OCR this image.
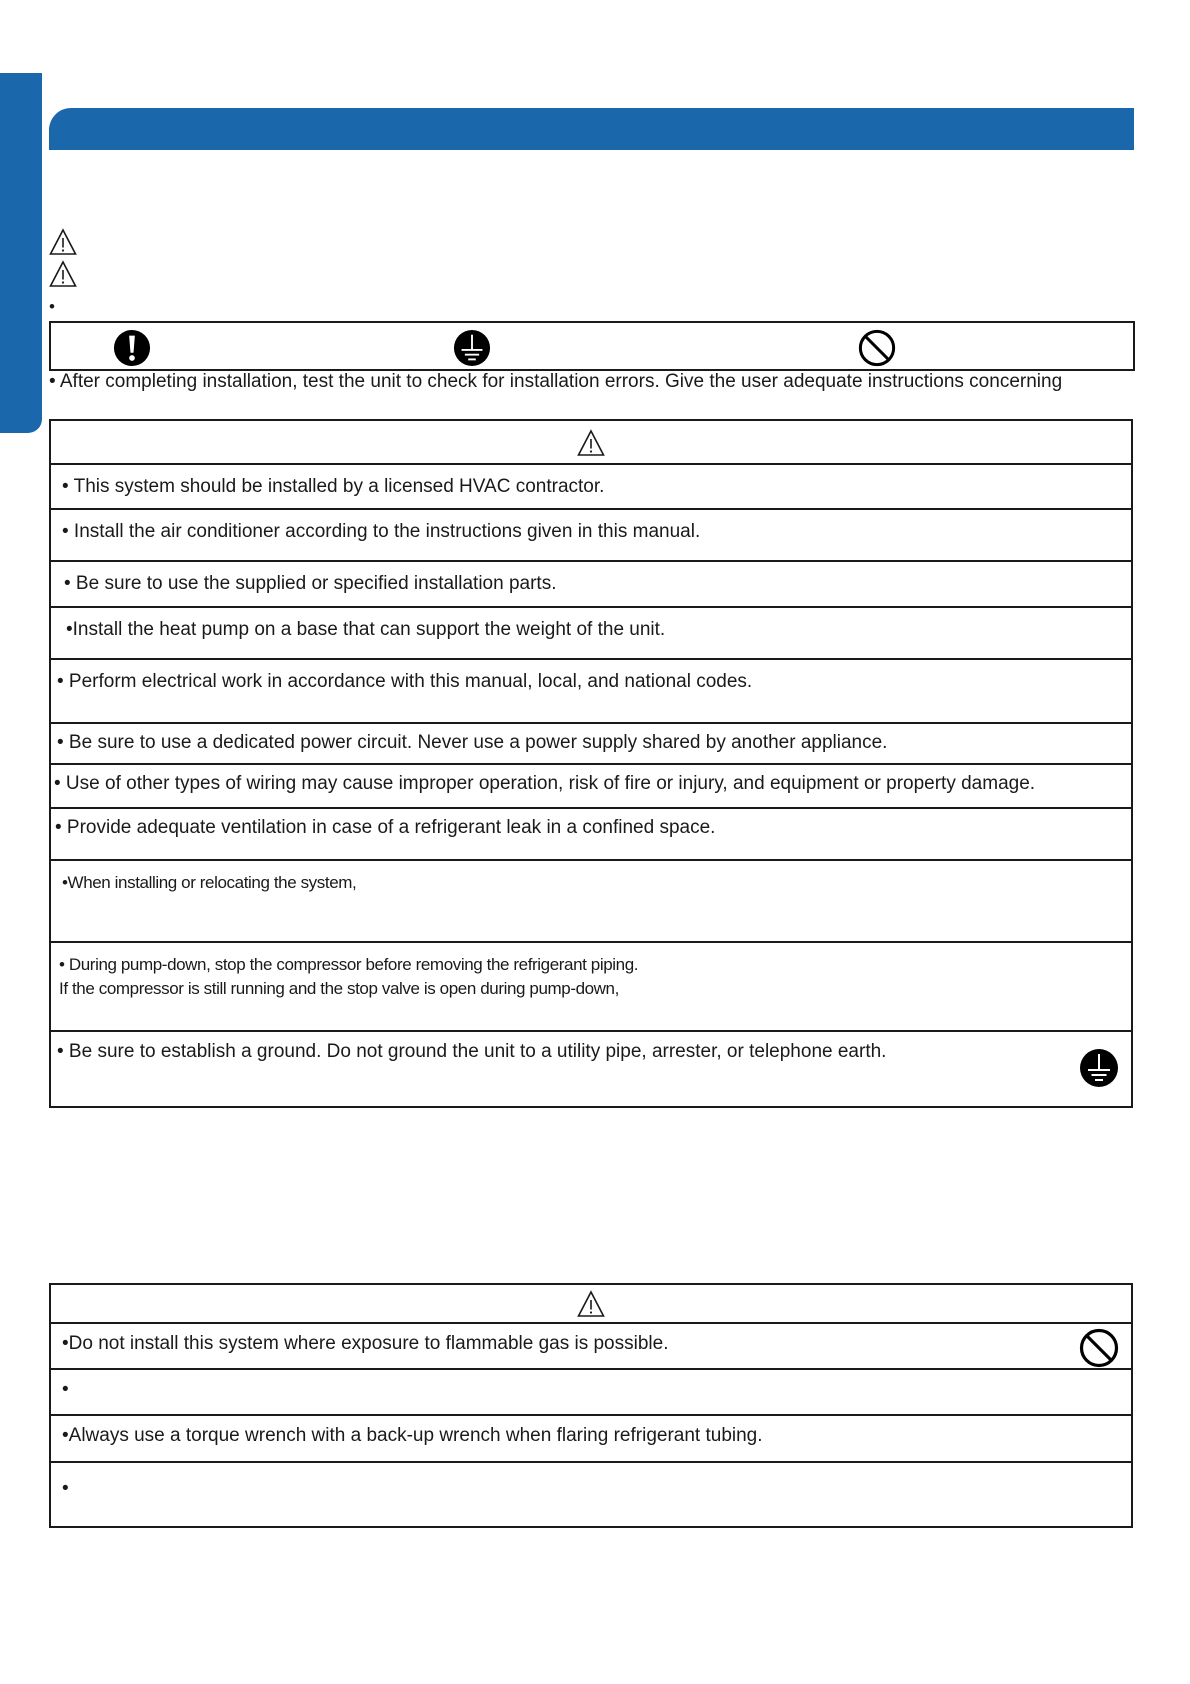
•
• After completing installation, test the unit to check for installation errors. Give the user adequate instructions concerning
• This system should be installed by a licensed HVAC contractor.
• Install the air conditioner according to the instructions given in this manual.
• Be sure to use the supplied or specified installation parts.
•Install the heat pump on a base that can support the weight of the unit.
• Perform electrical work in accordance with this manual, local, and national codes.
• Be sure to use a dedicated power circuit. Never use a power supply shared by another appliance.
• Use of other types of wiring may cause improper operation, risk of fire or injury, and equipment or property damage.
• Provide adequate ventilation in case of a refrigerant leak in a confined space.
•When installing or relocating the system,
• During pump-down, stop the compressor before removing the refrigerant piping.
If the compressor is still running and the stop valve is open during pump-down,
• Be sure to establish a ground. Do not ground the unit to a utility pipe, arrester, or telephone earth.
•Do not install this system where exposure to flammable gas is possible.
•
•Always use a torque wrench with a back-up wrench when flaring refrigerant tubing.
•
